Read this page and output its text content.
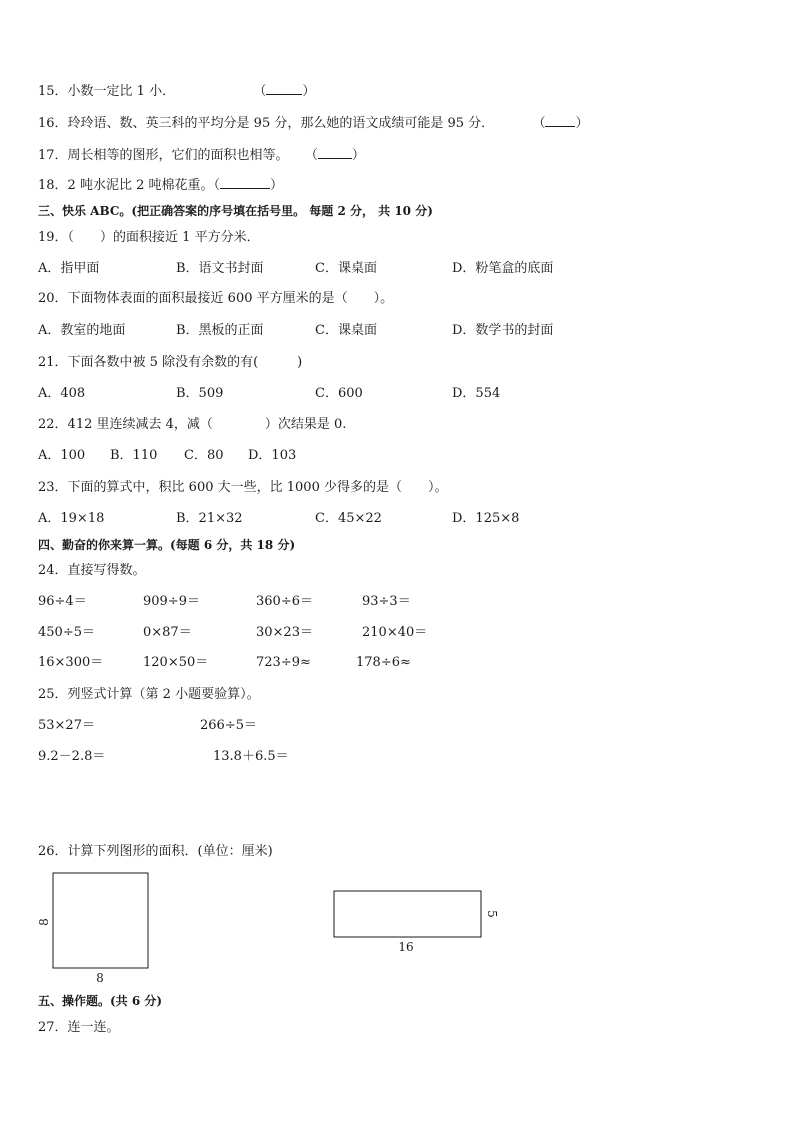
15．小数一定比 1 小．	（	）
16．玲玲语、数、英三科的平均分是 95 分，那么她的语文成绩可能是 95 分．	（ ）
17．周长相等的图形，它们的面积也相等。 （	）
18．2 吨水泥比 2 吨棉花重。（	）
三、快乐 ABC。(把正确答案的序号填在括号里。 每题 2 分， 共 10 分)
19．（　　）的面积接近 1 平方分米．
A．指甲面	B．语文书封面	C．课桌面	D．粉笔盒的底面
20．下面物体表面的面积最接近 600 平方厘米的是（　　）。
A．教室的地面	B．黑板的正面	C．课桌面	D．数学书的封面
21．下面各数中被 5 除没有余数的有(　　　)
A．408	B．509	C．600	D．554
22．412 里连续减去 4，减（　　　　）次结果是 0.
A．100 B．110 C．80 D．103
23．下面的算式中，积比 600 大一些，比 1000 少得多的是（　　）。
A．19×18	B．21×32	C．45×22	D．125×8
四、勤奋的你来算一算。(每题 6 分，共 18 分)
24．直接写得数。
96÷4＝	909÷9＝	360÷6＝	93÷3＝
450÷5＝	0×87＝	30×23＝	210×40＝
16×300＝	120×50＝	723÷9≈	178÷6≈
25．列竖式计算（第 2 小题要验算）。
53×27＝	266÷5＝
9.2－2.8＝	13.8＋6.5＝
26．计算下列图形的面积．(单位：厘米)
8
8
5
16
五、操作题。(共 6 分)
27．连一连。
